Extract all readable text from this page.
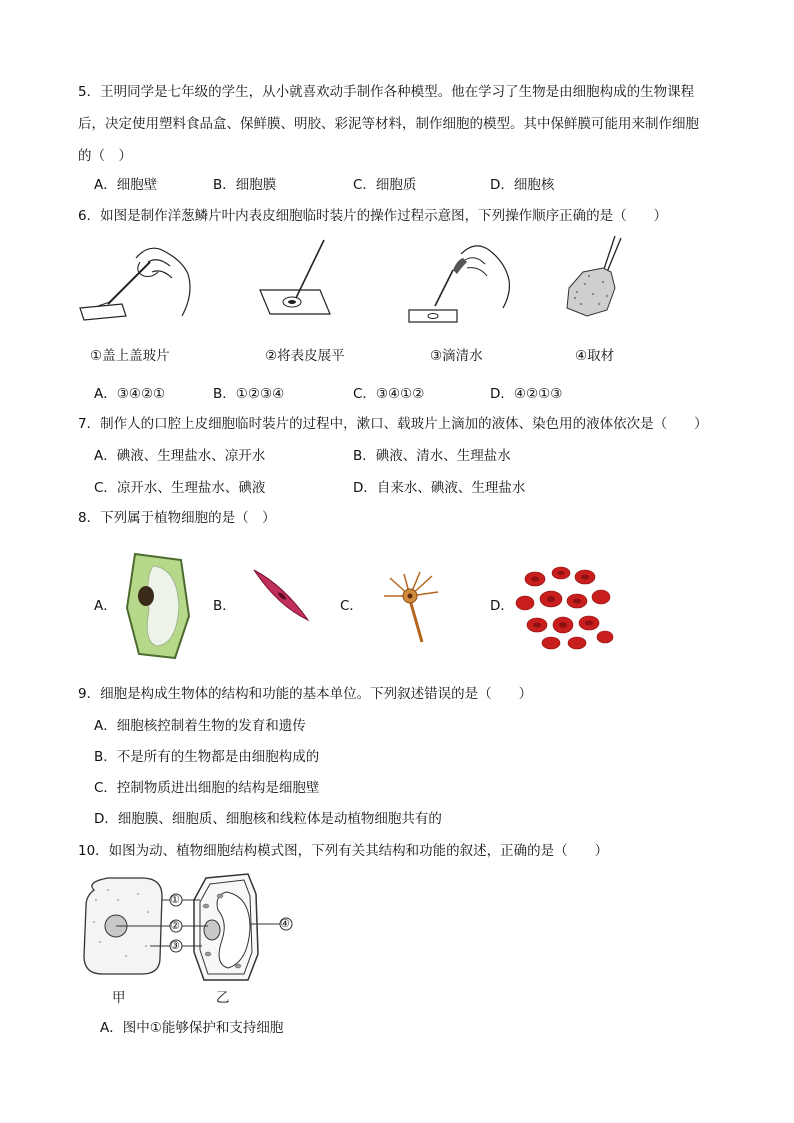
5．王明同学是七年级的学生，从小就喜欢动手制作各种模型。他在学习了生物是由细胞构成的生物课程
后，决定使用塑料食品盒、保鲜膜、明胶、彩泥等材料，制作细胞的模型。其中保鲜膜可能用来制作细胞
的（　）
A．细胞壁	B．细胞膜	C．细胞质	D．细胞核
6．如图是制作洋葱鳞片叶内表皮细胞临时装片的操作过程示意图，下列操作顺序正确的是（　　）
①盖上盖玻片	②将表皮展平	③滴清水	④取材
A．③④②①	B．①②③④	C．③④①②	D．④②①③
7．制作人的口腔上皮细胞临时装片的过程中，漱口、载玻片上滴加的液体、染色用的液体依次是（　　）
A．碘液、生理盐水、凉开水	B．碘液、清水、生理盐水
C．凉开水、生理盐水、碘液	D．自来水、碘液、生理盐水
8．下列属于植物细胞的是（　）
A．	B．	C．	D．
9．细胞是构成生物体的结构和功能的基本单位。下列叙述错误的是（　　）
A．细胞核控制着生物的发育和遗传
B．不是所有的生物都是由细胞构成的
C．控制物质进出细胞的结构是细胞壁
D．细胞膜、细胞质、细胞核和线粒体是动植物细胞共有的
10．如图为动、植物细胞结构模式图，下列有关其结构和功能的叙述，正确的是（　　）
①
②
③
④
甲	乙
A．图中①能够保护和支持细胞
